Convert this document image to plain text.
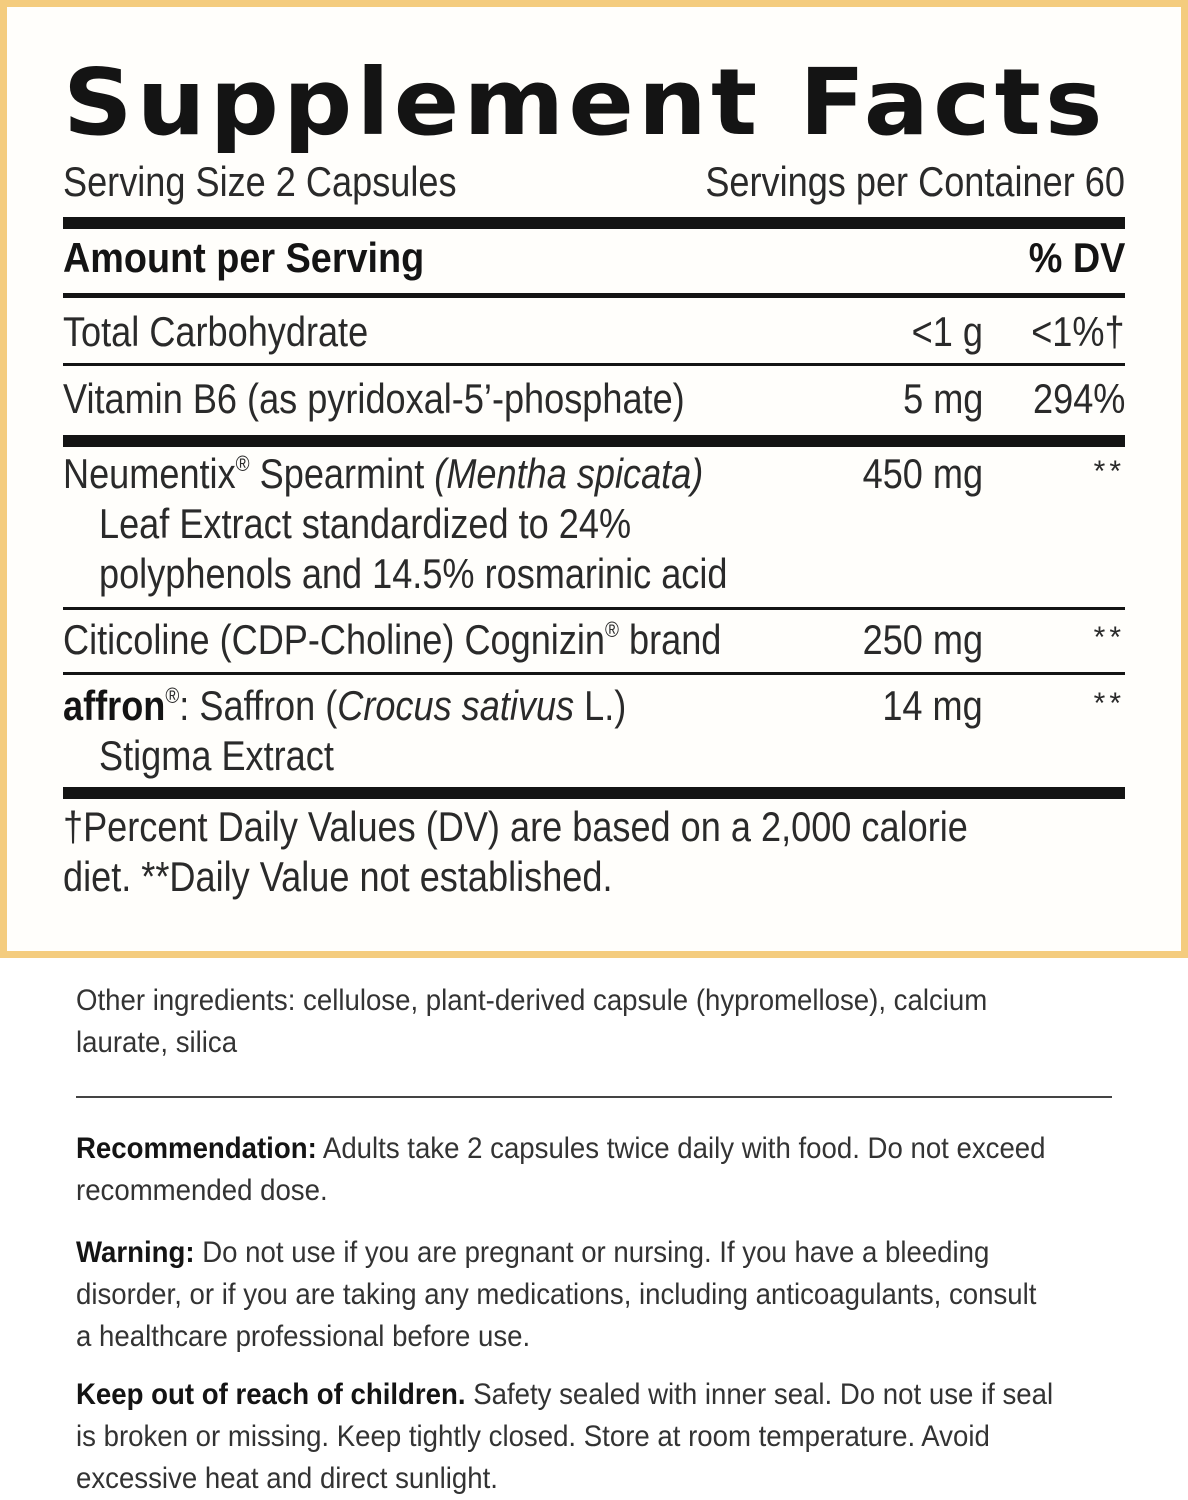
Supplement Facts
Serving Size 2 Capsules	Servings per Container 60
Amount per Serving	% DV
Total Carbohydrate	<1 g <1%†
Vitamin B6 (as pyridoxal-5’-phosphate)	5 mg 294%
Neumentix® Spearmint (Mentha spicata)
Leaf Extract standardized to 24%
polyphenols and 14.5% rosmarinic acid
450 mg	**
Citicoline (CDP-Choline) Cognizin® brand	250 mg	**
affron®: Saffron (Crocus sativus L.)
Stigma Extract
14 mg	**
†Percent Daily Values (DV) are based on a 2,000 calorie
diet. **Daily Value not established.

Other ingredients: cellulose, plant-derived capsule (hypromellose), calcium

laurate, silica

Recommendation: Adults take 2 capsules twice daily with food. Do not exceed

recommended dose.

Warning: Do not use if you are pregnant or nursing. If you have a bleeding

disorder, or if you are taking any medications, including anticoagulants, consult

a healthcare professional before use.

Keep out of reach of children. Safety sealed with inner seal. Do not use if seal

is broken or missing. Keep tightly closed. Store at room temperature. Avoid

excessive heat and direct sunlight.
